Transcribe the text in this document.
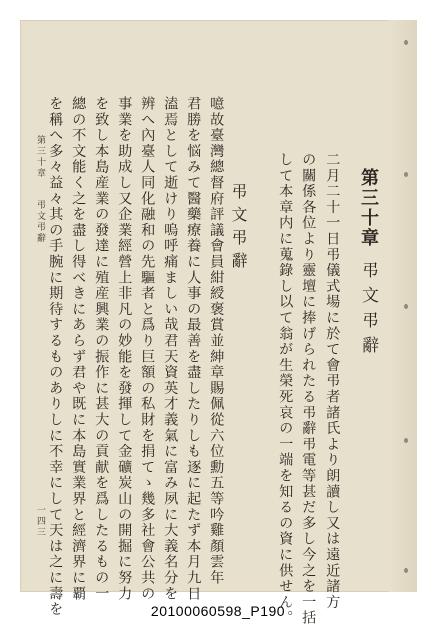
第三十章
弔文弔辭
二月二十一日弔儀式場に於て會弔者諸氏より朗讀し又は遠近諸方
の關係各位より靈壇に捧げられたる弔辭弔電等甚だ多し今之を一括
して本章内に蒐錄し以て翁が生榮死哀の一端を知るの資に供せん。
弔文弔辭
噫故臺灣總督府評議會員紺綬褒賞並紳章賜佩從六位勳五等吟雞顏雲年
君勝を悩みて醫藥療養に人事の最善を盡したりしも逐に起たず本月九日
溘焉として逝けり嗚呼痛ましい哉君天資英才義氣に富み夙に大義名分を
辨へ內臺人同化融和の先驅者と爲り巨額の私財を捐てゝ幾多社會公共の
事業を助成し又企業經營上非凡の妙能を發揮して金礦炭山の開掘に努力
を致し本島産業の發達に殖産興業の振作に甚大の貢献を爲したるもの一
總の不文能く之を盡し得べきにあらず君や既に本島實業界と經濟界に覇
を稱へ多々益々其の手腕に期待するものありしに不幸にして天は之に壽を
第三十章
弔文弔辭
一四三
20100060598_P190
